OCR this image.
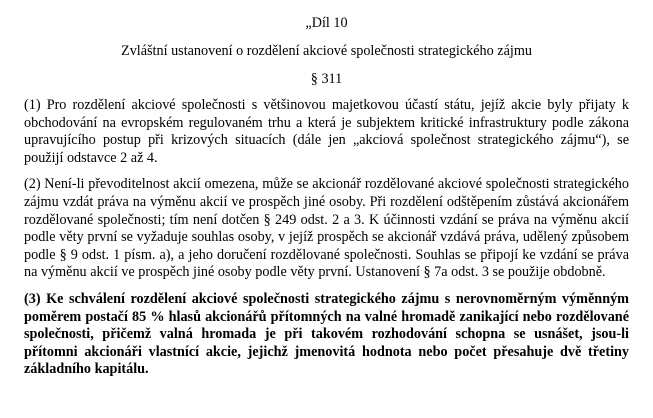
„Díl 10
Zvláštní ustanovení o rozdělení akciové společnosti strategického zájmu
§ 311

(1) Pro rozdělení akciové společnosti s většinovou majetkovou účastí státu, jejíž akcie byly přijaty k obchodování na evropském regulovaném trhu a která je subjektem kritické infrastruktury podle zákona upravujícího postup při krizových situacích (dále jen „akciová společnost strategického zájmu“), se použijí odstavce 2 až 4.

(2) Není-li převoditelnost akcií omezena, může se akcionář rozdělované akciové společnosti strategického zájmu vzdát práva na výměnu akcií ve prospěch jiné osoby. Při rozdělení odštěpením zůstává akcionářem rozdělované společnosti; tím není dotčen § 249 odst. 2 a 3. K účinnosti vzdání se práva na výměnu akcií podle věty první se vyžaduje souhlas osoby, v jejíž prospěch se akcionář vzdává práva, udělený způsobem podle § 9 odst. 1 písm. a), a jeho doručení rozdělované společnosti. Souhlas se připojí ke vzdání se práva na výměnu akcií ve prospěch jiné osoby podle věty první. Ustanovení § 7a odst. 3 se použije obdobně.

(3) Ke schválení rozdělení akciové společnosti strategického zájmu s nerovnoměrným výměnným poměrem postačí 85 % hlasů akcionářů přítomných na valné hromadě zanikající nebo rozdělované společnosti, přičemž valná hromada je při takovém rozhodování schopna se usnášet, jsou-li přítomni akcionáři vlastnící akcie, jejichž jmenovitá hodnota nebo počet přesahuje dvě třetiny základního kapitálu.
